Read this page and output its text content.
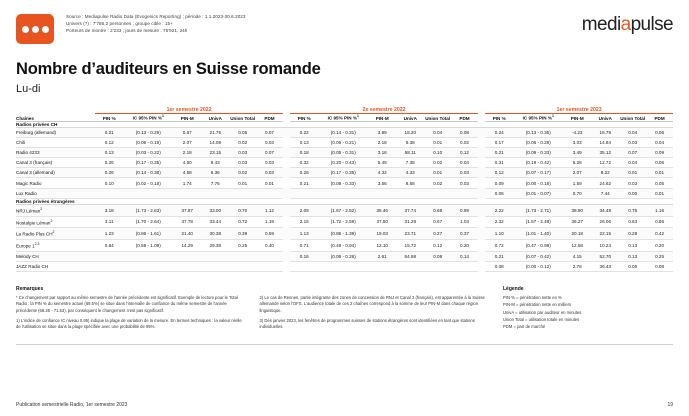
Source : Mediapulse Radio Data (Evogenics Reporting) ; période : 1.1.2023-30.6.2023
Univers (?) : 7'786,2 personnes ; groupe cible : 15+
Porteurs de montre : 2'233 ; jours de mesure : 75'921, 24h	mediapulse
Nombre d’auditeurs en Suisse romande
Lu-di
	1er semestre 2022							2e semestre 2022							1er semestre 2023					
Chaînes	PIN %	IC 95% PIN %$^1$	PIN-M	UnivA	Union Total	PDM		PIN %	IC 95% PIN %$^1$	PIN-M	UnivA	Union Total	PDM		PIN %	IC 95% PIN %$^1$	PIN-M	UnivA	Union Total	PDM
Radios privées CH																				
Freiburg (allemand)	0.21	(0.13 - 0.29)	0.67	21.75	0.05	0.07		0.22	(0.14 - 0.31)	3.89	18.20	0.04	0.08		0.24	(0.13 - 0.35)	-4.23	16.79	0.04	0.06
Chili	0.12	(0.06 - 0.19)	2.07	14.08	0.02	0.03		0.13	(0.06 - 0.21)	2.18	8.38	0.01	0.02		0.17	(0.06 - 0.28)	3.03	14.84	0.03	0.04
Radio 4233	0.13	(0.03 - 0.22)	2.18	23.15	0.03	0.07		0.18	(0.05 - 0.31)	3.16	58.11	0.10	0.12		0.21	(0.09 - 0.33)	3.49	35.12	0.07	0.09
Canal 3 (français)	0.26	(0.17 - 0.35)	4.60	9.43	0.03	0.03		0.32	(0.20 - 0.43)	5.49	7.38	0.02	0.04		0.31	(0.19 - 0.42)	5.28	12.72	0.04	0.06
Canal 3 (allemand)	0.26	(0.14 - 0.38)	4.58	6.36	0.02	0.03		0.26	(0.17 - 0.35)	4.32	4.33	0.01	0.03		0.12	(0.07 - 0.17)	2.07	8.22	0.01	0.01
Magic Radio	0.10	(0.02 - 0.18)	1.74	7.76	0.01	0.01		0.21	(0.08 - 0.33)	3.56	8.68	0.02	0.03		0.09	(0.00 - 0.18)	1.59	24.62	0.03	0.05
Lux Radio															0.06	(0.01 - 0.07)	0.70	7.44	0.00	0.01
Radios privées étrangères																				
NRJ Léman$^2$	3.18	(1.73 - 2.63)	37.87	33.00	0.70	1.12		2.09	(1.67 - 2.52)	36.46	37.74	0.68	0.99		2.22	(1.73 - 2.71)	38.90	34.48	0.76	1.16
Nostalgie Léman$^2$	3.11	(1.70 - 2.64)	37.78	33.44	0.72	1.19		2.15	(1.72 - 2.59)	37.50	31.28	0.67	1.03		2.32	(1.57 - 2.48)	36.27	26.06	0.63	0.86
La Radio Plus $CH^2$	1.23	(0.86 - 1.61)	21.40	30.38	0.39	0.59		1.13	(0.86 - 1.39)	19.03	23.71	0.27	0.37		1.10	(1.01 - 1.40)	20.18	22.15	0.28	0.42
Europe 1$^{2,3}$	0.84	(0.59 - 1.09)	14.29	29.38	0.25	0.40		0.71	(0.49 - 0.94)	12.10	15.72	0.12	0.20		0.72	(0.47 - 0.98)	12.58	10.24	0.13	0.20
Melody CH								0.16	(0.06 - 0.26)	2.61	64.98	0.08	0.14		0.21	(0.07 - 0.42)	4.15	52.70	0.13	0.25
JAZZ Radio CH															0.08	(0.00 - 0.12)	2.78	36.43	0.06	0.08
Remarques

* Ce changement par rapport au même semestre de l'année précédente est significatif. Exemple de lecture pour le Total Radio : la PIN % du semestre actuel (69.5%) se situe dans l'intervalle de confiance du même semestre de l'année précédente (68.28 - 71.53), par conséquent le changement n'est pas significatif.

1) L'indice de confiance IC niveau 0.95) indique la plage de variation de la mesure. En termes techniques : la valeur réelle de l'utilisation se situe dans la plage spécifiée avec une probabilité de 95%.

2) Le cas de Rennes, partie intégrante des zones de concession de RNJ et Canal 3 (français), est apparentée à la Suisse allemande selon l'OFS. L'audience totale de ces 2 chaînes correspond à la somme de leur PIN-M dans chaque région linguistique.

3) Dès janvier 2023, les fenêtres de programmes suisses de stations étrangères sont identifiées en tant que stations individuelles.

Légende

PIN % = pénétration nette en %

PIN-M = pénétration nette en milliers

UnivA = utilisation par auditeur en minutes

Union Total = utilisation totale en minutes

PDM = part de marché

Publication semestrielle Radio, 1er semestre 2023	19
